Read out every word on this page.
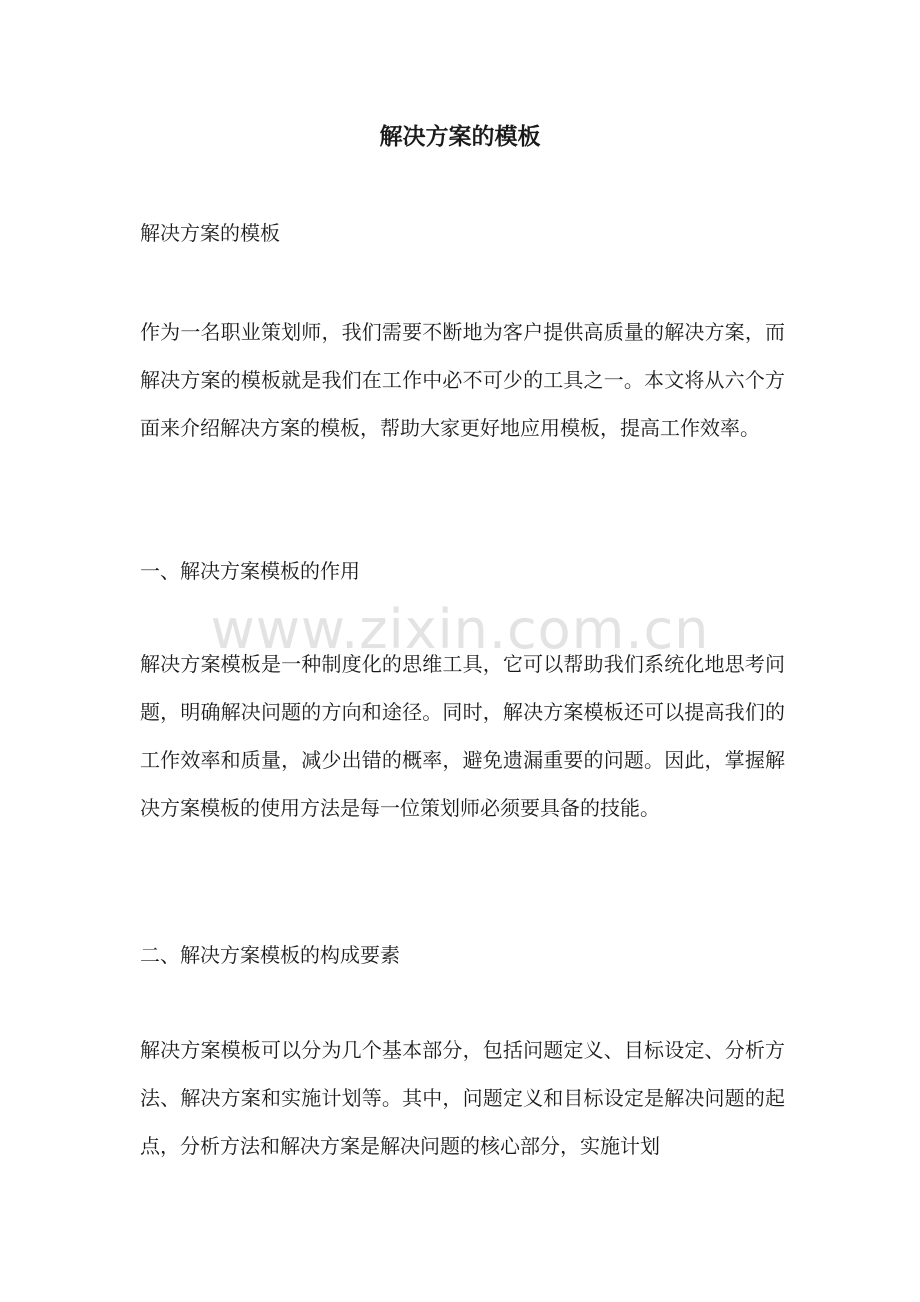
解决方案的模板
解决方案的模板

作为一名职业策划师，我们需要不断地为客户提供高质量的解决方案，而解决方案的模板就是我们在工作中必不可少的工具之一。本文将从六个方面来介绍解决方案的模板，帮助大家更好地应用模板，提高工作效率。

一、解决方案模板的作用

解决方案模板是一种制度化的思维工具，它可以帮助我们系统化地思考问题，明确解决问题的方向和途径。同时，解决方案模板还可以提高我们的工作效率和质量，减少出错的概率，避免遗漏重要的问题。因此，掌握解决方案模板的使用方法是每一位策划师必须要具备的技能。

二、解决方案模板的构成要素

解决方案模板可以分为几个基本部分，包括问题定义、目标设定、分析方法、解决方案和实施计划等。其中，问题定义和目标设定是解决问题的起点，分析方法和解决方案是解决问题的核心部分，实施计划

www.zixin.com.cn
